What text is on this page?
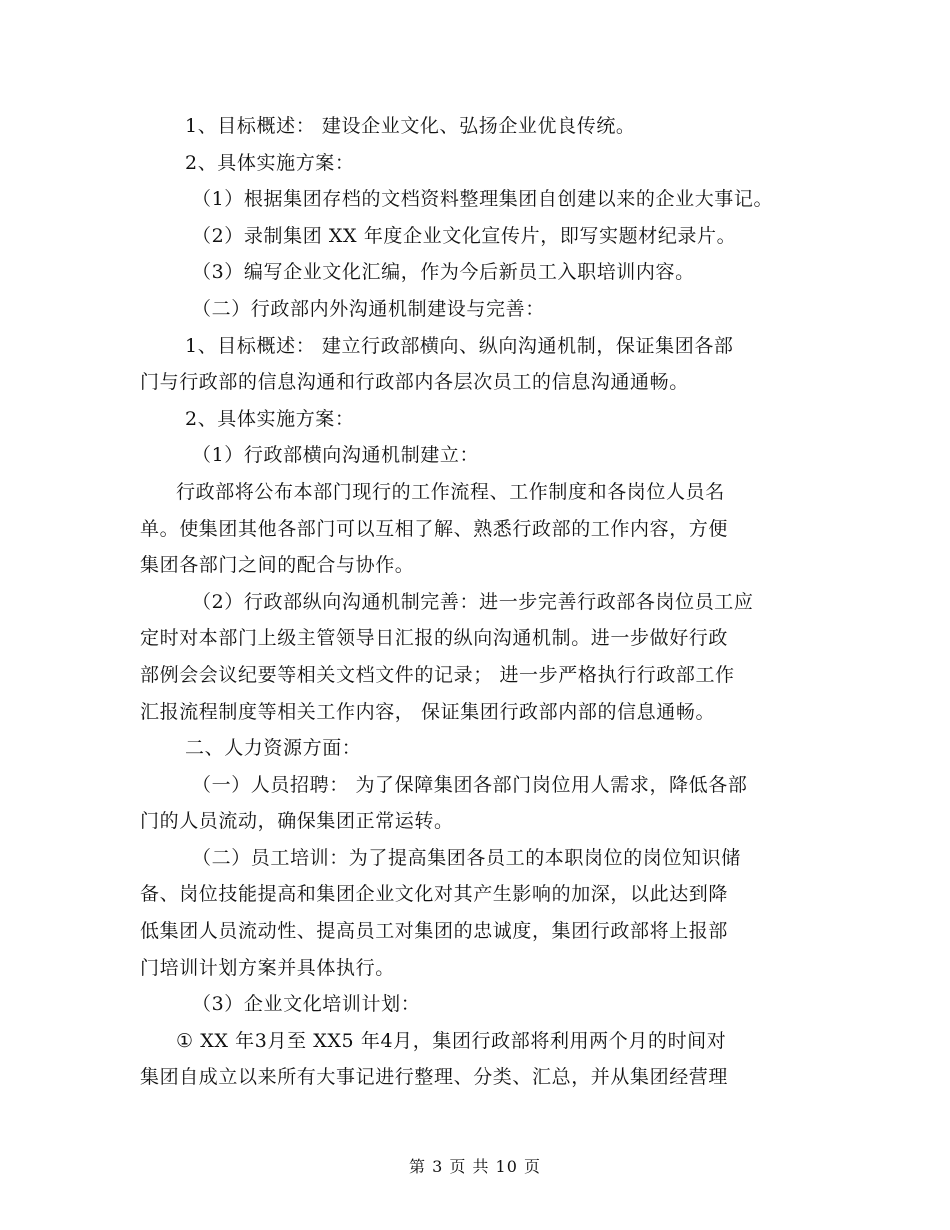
1、目标概述： 建设企业文化、弘扬企业优良传统。
2、具体实施方案：
（1）根据集团存档的文档资料整理集团自创建以来的企业大事记。
（2）录制集团 XX 年度企业文化宣传片，即写实题材纪录片。
（3）编写企业文化汇编，作为今后新员工入职培训内容。
（二）行政部内外沟通机制建设与完善：
1、目标概述： 建立行政部横向、纵向沟通机制，保证集团各部
门与行政部的信息沟通和行政部内各层次员工的信息沟通通畅。
2、具体实施方案：
（1）行政部横向沟通机制建立：
行政部将公布本部门现行的工作流程、工作制度和各岗位人员名
单。使集团其他各部门可以互相了解、熟悉行政部的工作内容，方便
集团各部门之间的配合与协作。
（2）行政部纵向沟通机制完善：进一步完善行政部各岗位员工应
定时对本部门上级主管领导日汇报的纵向沟通机制。进一步做好行政
部例会会议纪要等相关文档文件的记录； 进一步严格执行行政部工作
汇报流程制度等相关工作内容， 保证集团行政部内部的信息通畅。
二、人力资源方面：
（一）人员招聘： 为了保障集团各部门岗位用人需求，降低各部
门的人员流动，确保集团正常运转。
（二）员工培训：为了提高集团各员工的本职岗位的岗位知识储
备、岗位技能提高和集团企业文化对其产生影响的加深，以此达到降
低集团人员流动性、提高员工对集团的忠诚度，集团行政部将上报部
门培训计划方案并具体执行。
（3）企业文化培训计划：
① XX 年3月至 XX5 年4月，集团行政部将利用两个月的时间对
集团自成立以来所有大事记进行整理、分类、汇总，并从集团经营理
第 3 页 共 10 页
